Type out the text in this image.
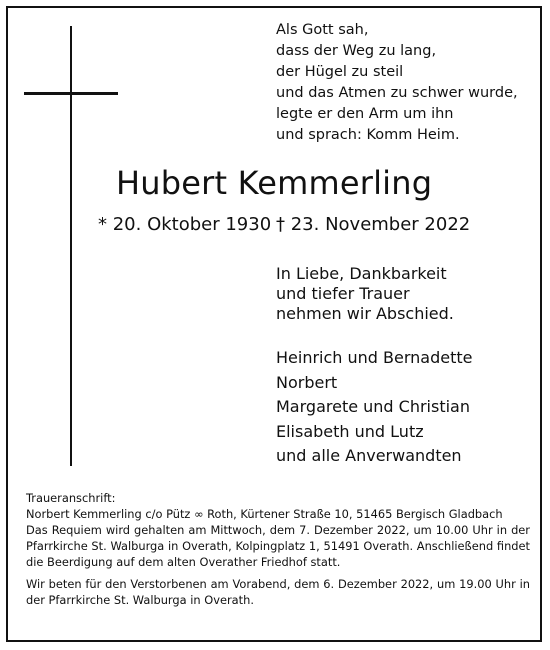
Als Gott sah,
dass der Weg zu lang,
der Hügel zu steil
und das Atmen zu schwer wurde,
legte er den Arm um ihn
und sprach: Komm Heim.
Hubert Kemmerling
* 20. Oktober 1930 † 23. November 2022
In Liebe, Dankbarkeit
und tiefer Trauer
nehmen wir Abschied.
Heinrich und Bernadette
Norbert
Margarete und Christian
Elisabeth und Lutz
und alle Anverwandten

Traueranschrift:

Norbert Kemmerling c/o Pütz ∞ Roth, Kürtener Straße 10, 51465 Bergisch Gladbach

Das Requiem wird gehalten am Mittwoch, dem 7. Dezember 2022, um 10.00 Uhr in der Pfarrkirche St. Walburga in Overath, Kolpingplatz 1, 51491 Overath. Anschließend findet die Beerdigung auf dem alten Overather Friedhof statt.

Wir beten für den Verstorbenen am Vorabend, dem 6. Dezember 2022, um 19.00 Uhr in der Pfarrkirche St. Walburga in Overath.
